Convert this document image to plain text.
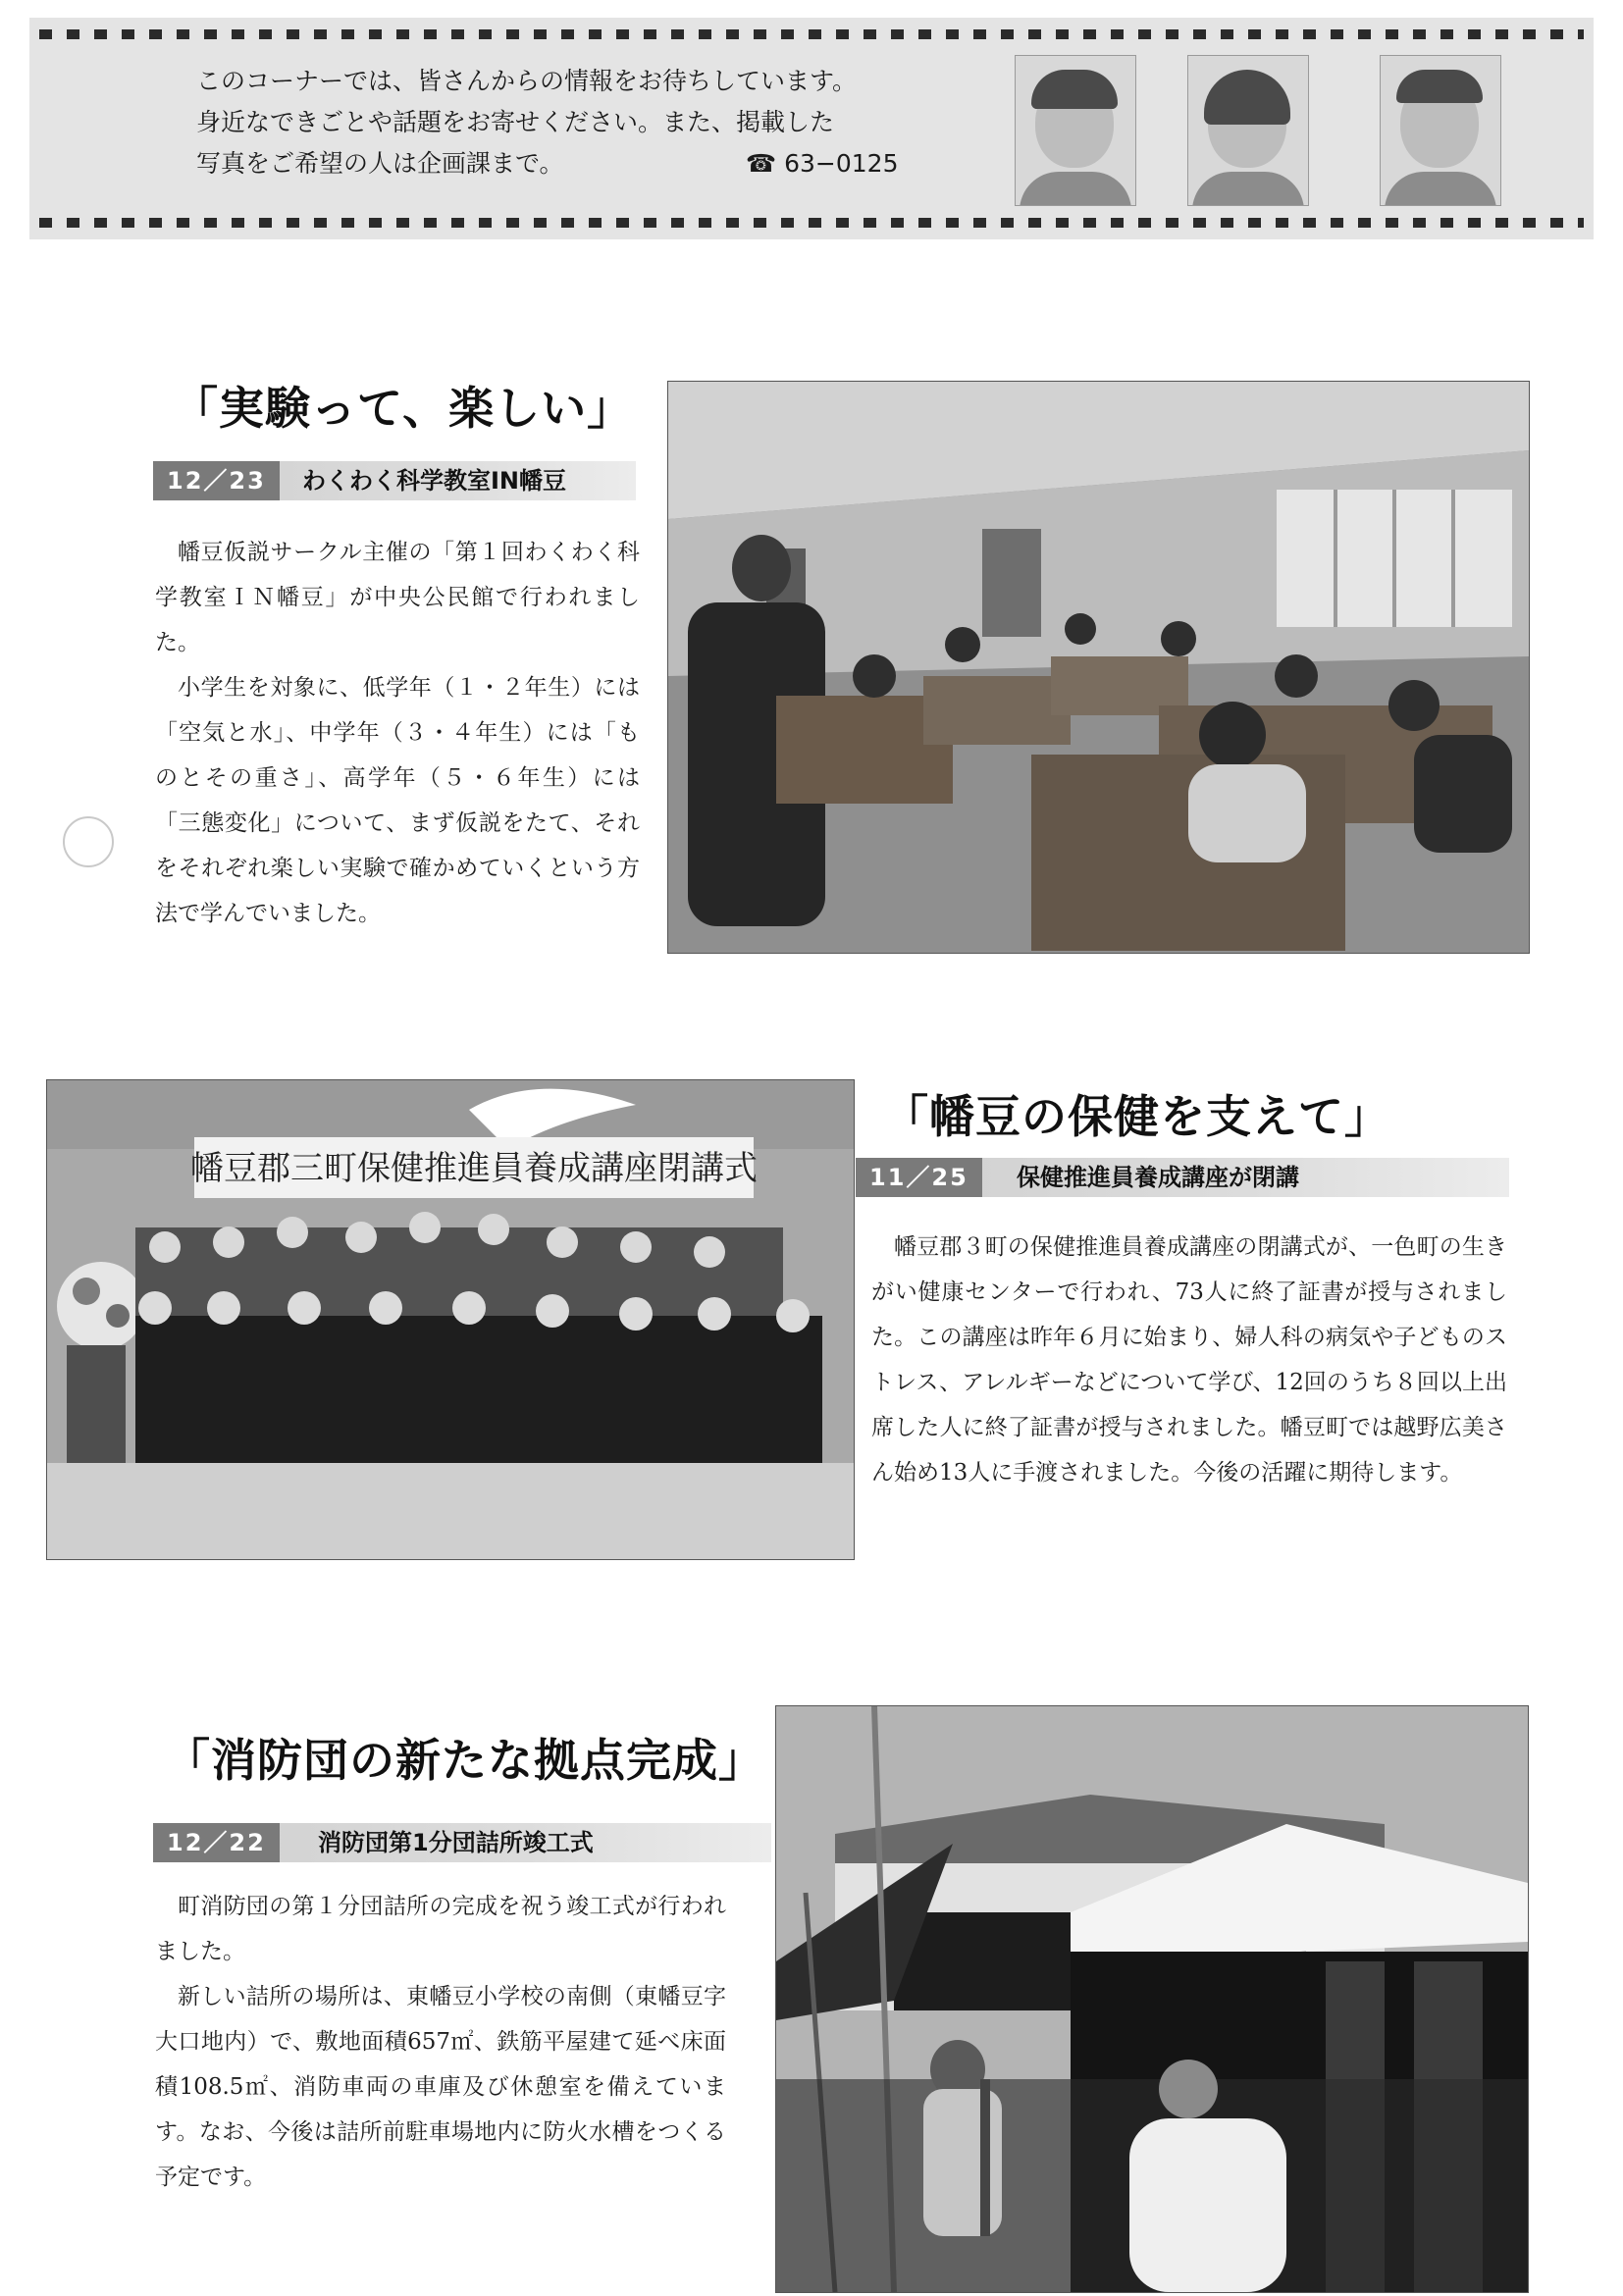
このコーナーでは、皆さんからの情報をお待ちしています。
身近なできごとや話題をお寄せください。また、掲載した
写真をご希望の人は企画課まで。	☎ 63−0125
「実験って、楽しい」
12／23	わくわく科学教室IN幡豆

幡豆仮説サークル主催の「第１回わくわく科学教室ＩＮ幡豆」が中央公民館で行われました。

小学生を対象に、低学年（１・２年生）には「空気と水」、中学年（３・４年生）には「ものとその重さ」、高学年（５・６年生）には「三態変化」について、まず仮説をたて、それをそれぞれ楽しい実験で確かめていくという方法で学んでいました。

幡豆郡三町保健推進員養成講座閉講式
「幡豆の保健を支えて」
11／25	保健推進員養成講座が閉講

幡豆郡３町の保健推進員養成講座の閉講式が、一色町の生きがい健康センターで行われ、73人に終了証書が授与されました。この講座は昨年６月に始まり、婦人科の病気や子どものストレス、アレルギーなどについて学び、12回のうち８回以上出席した人に終了証書が授与されました。幡豆町では越野広美さん始め13人に手渡されました。今後の活躍に期待します。

「消防団の新たな拠点完成」
12／22	消防団第1分団詰所竣工式

町消防団の第１分団詰所の完成を祝う竣工式が行われました。

新しい詰所の場所は、東幡豆小学校の南側（東幡豆字大口地内）で、敷地面積657㎡、鉄筋平屋建て延べ床面積108.5㎡、消防車両の車庫及び休憩室を備えています。なお、今後は詰所前駐車場地内に防火水槽をつくる予定です。
